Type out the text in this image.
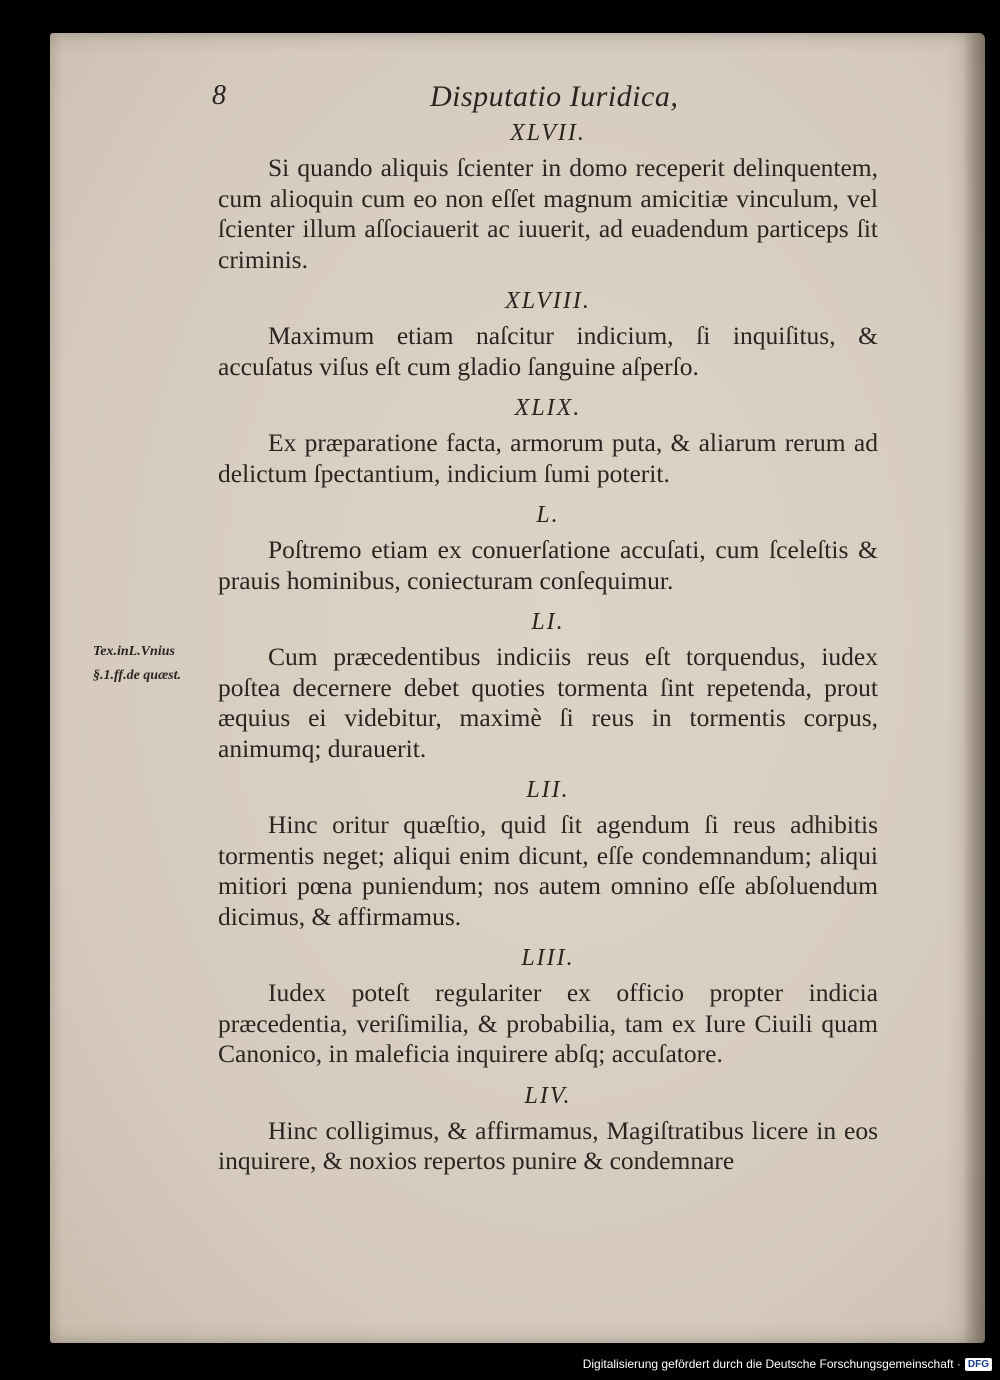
8	Disputatio Iuridica,
Tex.inL.Vnius
§.1.ff.de quæst.
XLVII.

Si quando aliquis ſcienter in domo receperit delinquentem, cum alioquin cum eo non eſſet magnum amicitiæ vinculum, vel ſcienter illum aſſociauerit ac iuuerit, ad euadendum particeps ſit criminis.

XLVIII.

Maximum etiam naſcitur indicium, ſi inquiſitus, & accuſatus viſus eſt cum gladio ſanguine aſperſo.

XLIX.

Ex præparatione facta, armorum puta, & aliarum rerum ad delictum ſpectantium, indicium ſumi poterit.

L.

Poſtremo etiam ex conuerſatione accuſati, cum ſceleſtis & prauis hominibus, coniecturam conſequimur.

LI.

Cum præcedentibus indiciis reus eſt torquendus, iudex poſtea decernere debet quoties tormenta ſint repetenda, prout æquius ei videbitur, maximè ſi reus in tormentis corpus, animumq; durauerit.

LII.

Hinc oritur quæſtio, quid ſit agendum ſi reus adhibitis tormentis neget; aliqui enim dicunt, eſſe condemnandum; aliqui mitiori pœna puniendum; nos autem omnino eſſe abſoluendum dicimus, & affirmamus.

LIII.

Iudex poteſt regulariter ex officio propter indicia præcedentia, veriſimilia, & probabilia, tam ex Iure Ciuili quam Canonico, in maleficia inquirere abſq; accuſatore.

LIV.

Hinc colligimus, & affirmamus, Magiſtratibus licere in eos inquirere, & noxios repertos punire & condemnare

Digitalisierung gefördert durch die Deutsche Forschungsgemeinschaft · DFG
